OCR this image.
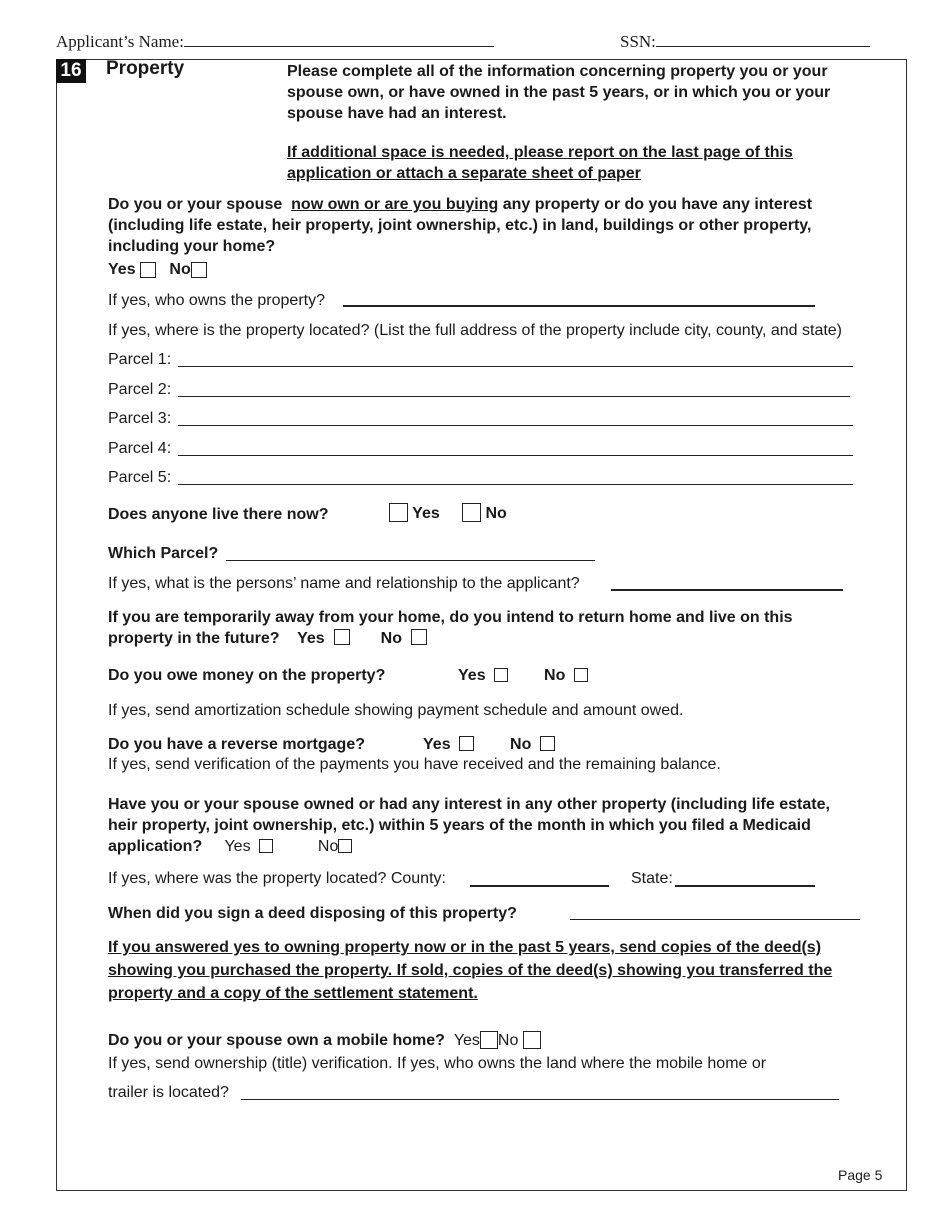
Applicant’s Name:	SSN:
16 Property	Please complete all of the information concerning property you or your spouse own, or have owned in the past 5 years, or in which you or your spouse have had an interest.
If additional space is needed, please report on the last page of this application or attach a separate sheet of paper
Do you or your spouse now own or are you buying any property or do you have any interest (including life estate, heir property, joint ownership, etc.) in land, buildings or other property, including your home?
Yes No
If yes, who owns the property?
If yes, where is the property located? (List the full address of the property include city, county, and state)
Parcel 1:
Parcel 2:
Parcel 3:
Parcel 4:
Parcel 5:
Does anyone live there now?	Yes	No
Which Parcel?
If yes, what is the persons’ name and relationship to the applicant?
If you are temporarily away from your home, do you intend to return home and live on this property in the future? Yes	No
Do you owe money on the property?	Yes	No
If yes, send amortization schedule showing payment schedule and amount owed.
Do you have a reverse mortgage?	Yes	No
If yes, send verification of the payments you have received and the remaining balance.
Have you or your spouse owned or had any interest in any other property (including life estate, heir property, joint ownership, etc.) within 5 years of the month in which you filed a Medicaid application? Yes	No
If yes, where was the property located? County:	State:
When did you sign a deed disposing of this property?
If you answered yes to owning property now or in the past 5 years, send copies of the deed(s) showing you purchased the property. If sold, copies of the deed(s) showing you transferred the property and a copy of the settlement statement.
Do you or your spouse own a mobile home? Yes No
If yes, send ownership (title) verification. If yes, who owns the land where the mobile home or
trailer is located?
Page 5
